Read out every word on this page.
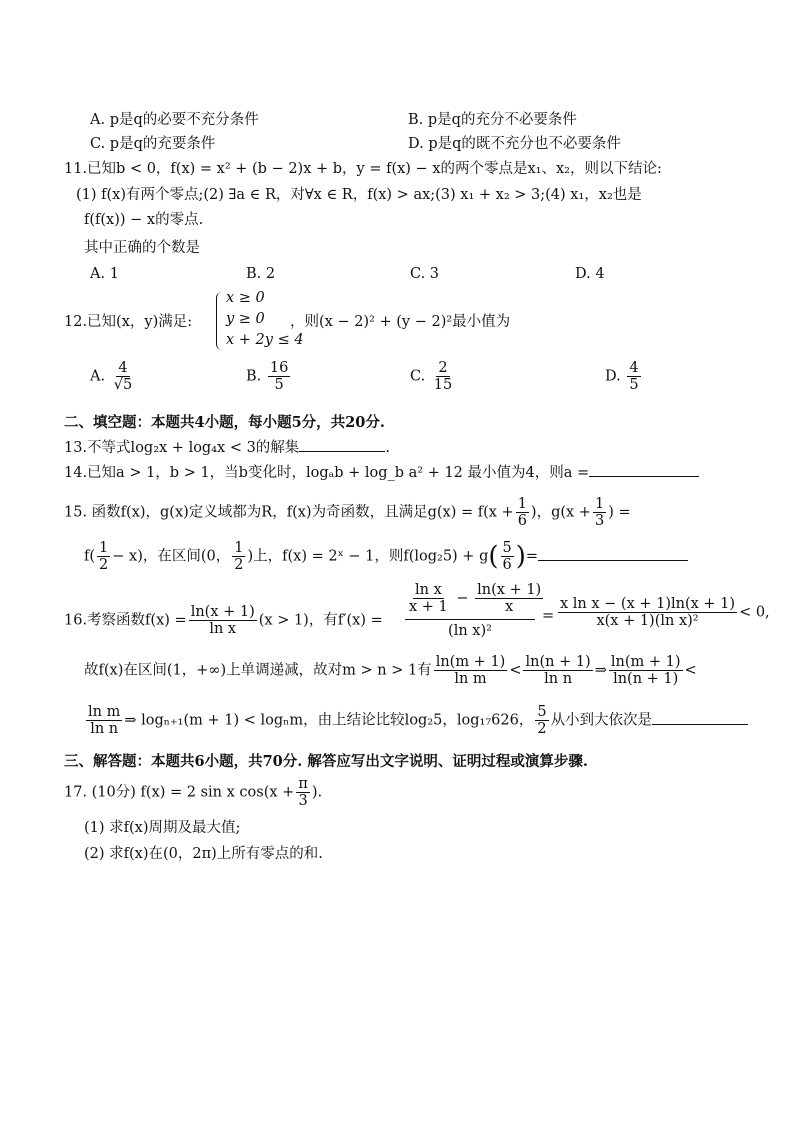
A. p是q的必要不充分条件	B. p是q的充分不必要条件
C. p是q的充要条件	D. p是q的既不充分也不必要条件
11.已知b < 0，f(x) = x² + (b − 2)x + b，y = f(x) − x的两个零点是x₁、x₂，则以下结论:
(1) f(x)有两个零点;(2) ∃a ∈ R，对∀x ∈ R，f(x) > ax;(3) x₁ + x₂ > 3;(4) x₁，x₂也是
f(f(x)) − x的零点.
其中正确的个数是
A. 1	B. 2	C. 3	D. 4
12.已知(x，y)满足:
x ≥ 0
y ≥ 0
x + 2y ≤ 4
，则(x − 2)² + (y − 2)²最小值为
A. $\frac{4}{√5}$	B. $\frac{16}{5}$	C. $\frac{2}{15}$	D. $\frac{4}{5}$
二、填空题：本题共4小题，每小题5分，共20分.
13.不等式log₂x + log₄x < 3的解集	.
14.已知a > 1，b > 1，当b变化时，logₐb + log_b a² + 12 最小值为4，则a =
15. 函数f(x)，g(x)定义域都为R，f(x)为奇函数，且满足$g(x) = f(x + \frac{1}{6}$ )，$g(x + \frac{1}{3}$ ) =
$f( \frac{1}{2} - x)$，在区间(0， $\frac{1}{2}$ )上，f(x) = 2ˣ − 1，则$f(\log_25) + g( \frac{5}{6}$ )=
16.考察函数$f(x) = \frac{\ln(x + 1)}{\text{ln x}} (x > 1)$，有f′(x) =
$\frac{\text{ln x}}{x + 1} - \frac{\ln(x + 1)}{x}$
(ln x)²
= $\frac{\text{x ln x − (x + 1)ln(x + 1)}}{\text{x(x + 1)(ln x)²}} < 0$,
故f(x)在区间(1，+∞)上单调递减，故对m > n > 1有 $\frac{\ln(m + 1)}{\text{ln m}} < \frac{\ln(n + 1)}{\text{ln n}}$ ⇒ $\frac{\ln(m + 1)}{\ln(n + 1)}$ <
$\frac{\text{ln m}}{\text{ln n}}$ ⇒ logₙ₊₁(m + 1) < logₙm，由上结论比较log₂5，log₁₇626， $\frac{5}{2}$ 从小到大依次是
三、解答题：本题共6小题，共70分. 解答应写出文字说明、证明过程或演算步骤.
17. (10分) f(x) = 2 sin x $\cos(x + \frac{\pi}{3}$ ).
(1) 求f(x)周期及最大值;
(2) 求f(x)在(0，2π)上所有零点的和.
